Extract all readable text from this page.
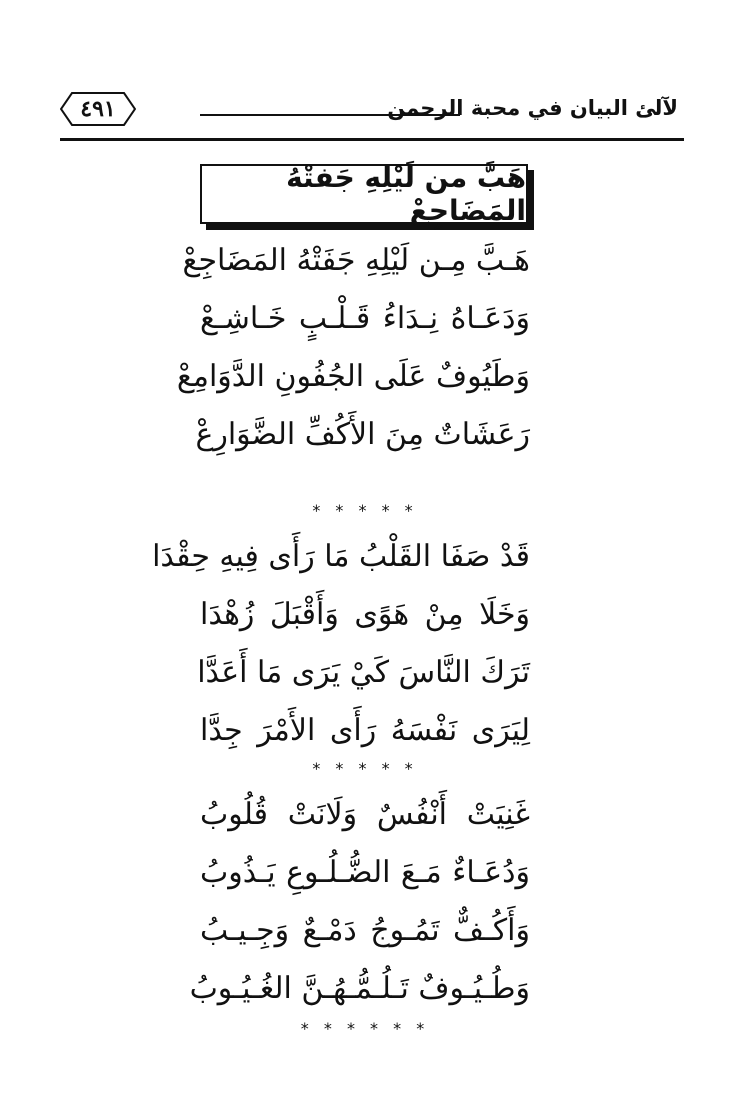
٤٩١	لآلئ البيان في محبة الرحمن
هَبَّ من لَيْلِهِ جَفتْهُ المَضَاجِعْ
هَـبَّ مِـن لَيْلِهِ جَفَتْهُ المَضَاجِعْ
وَدَعَـاهُ نِـدَاءُ قَـلْـبٍ خَـاشِـعْ
وَطَيُوفٌ عَلَى الجُفُونِ الدَّوَامِعْ
رَعَشَاتٌ مِنَ الأَكُفِّ الضَّوَارِعْ
* * * * *
قَدْ صَفَا القَلْبُ مَا رَأَى فِيهِ حِقْدَا
وَخَلَا مِنْ هَوًى وَأَقْبَلَ زُهْدَا
تَرَكَ النَّاسَ كَيْ يَرَى مَا أَعَدَّا
لِيَرَى نَفْسَهُ رَأَى الأَمْرَ جِدَّا
* * * * *
غَنِيَتْ أَنْفُسٌ وَلَانَتْ قُلُوبُ
وَدُعَـاءٌ مَـعَ الضُّـلُـوعِ يَـذُوبُ
وَأَكُـفٌّ تَمُـوجُ دَمْـعٌ وَجِـيـبُ
وَطُـيُـوفٌ تَـلُـمُّـهُـنَّ الغُـيُـوبُ
* * * * * *
